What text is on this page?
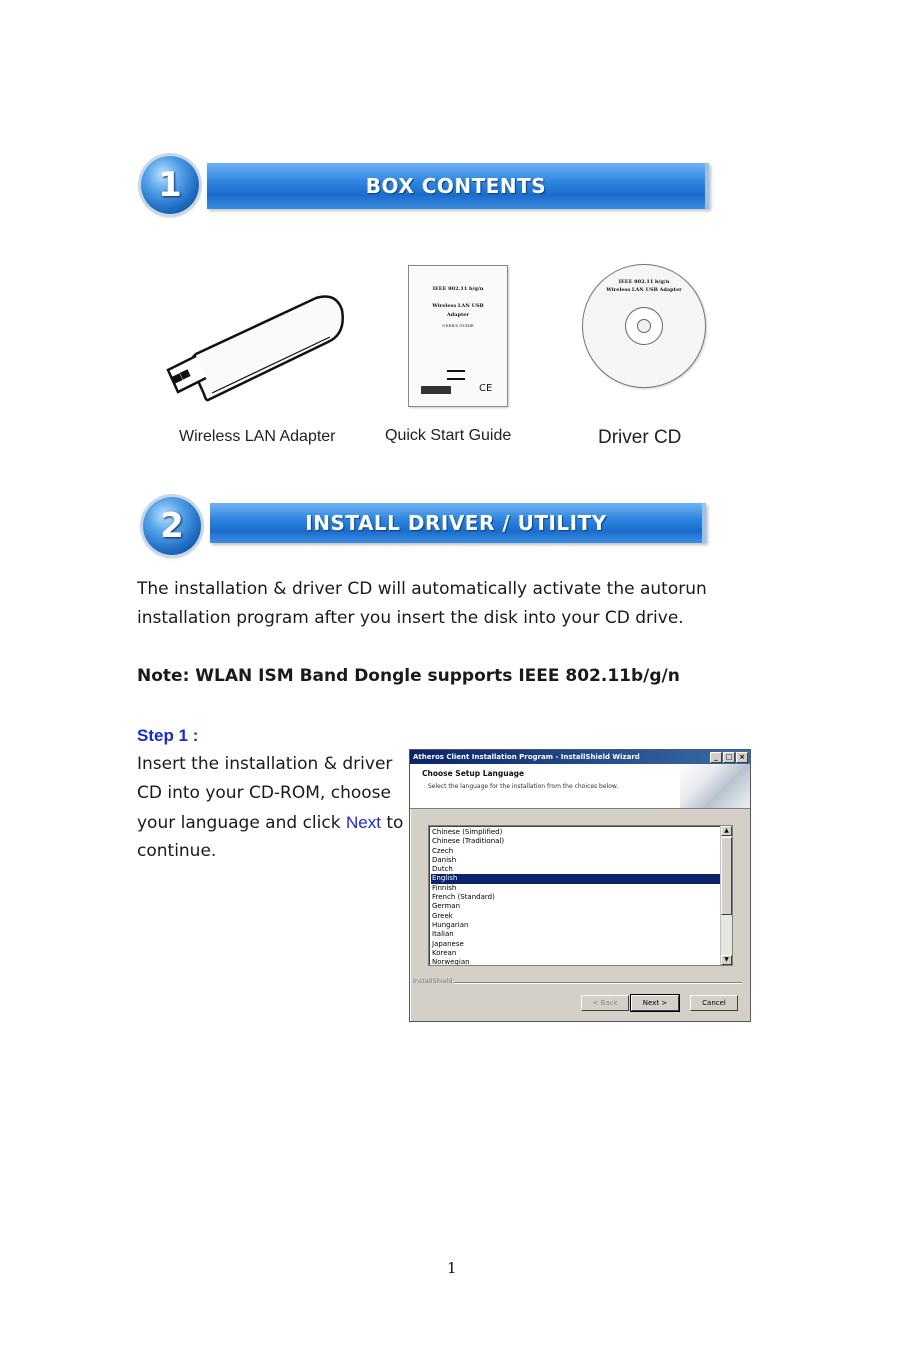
BOX CONTENTS
1
IEEE 802.11 b/g/n
Wireless LAN USB
Adapter
USER'S GUIDE
CE
IEEE 802.11 b/g/n
Wireless LAN USB Adapter
Wireless LAN Adapter	Quick Start Guide	Driver CD
INSTALL DRIVER / UTILITY
2
The installation & driver CD will automatically activate the autorun
installation program after you insert the disk into your CD drive.
Note: WLAN ISM Band Dongle supports IEEE 802.11b/g/n
Step 1 :
Insert the installation & driver
CD into your CD-ROM, choose
your language and click Next to
continue.
Atheros Client Installation Program - InstallShield Wizard	_	□ ×
Choose Setup Language
Select the language for the installation from the choices below.
Chinese (Simplified)
Chinese (Traditional)
Czech
Danish
Dutch
English
Finnish
French (Standard)
German
Greek
Hungarian
Italian
Japanese
Korean
Norwegian
▲
▼
InstallShield
< Back	Next >	Cancel
1
